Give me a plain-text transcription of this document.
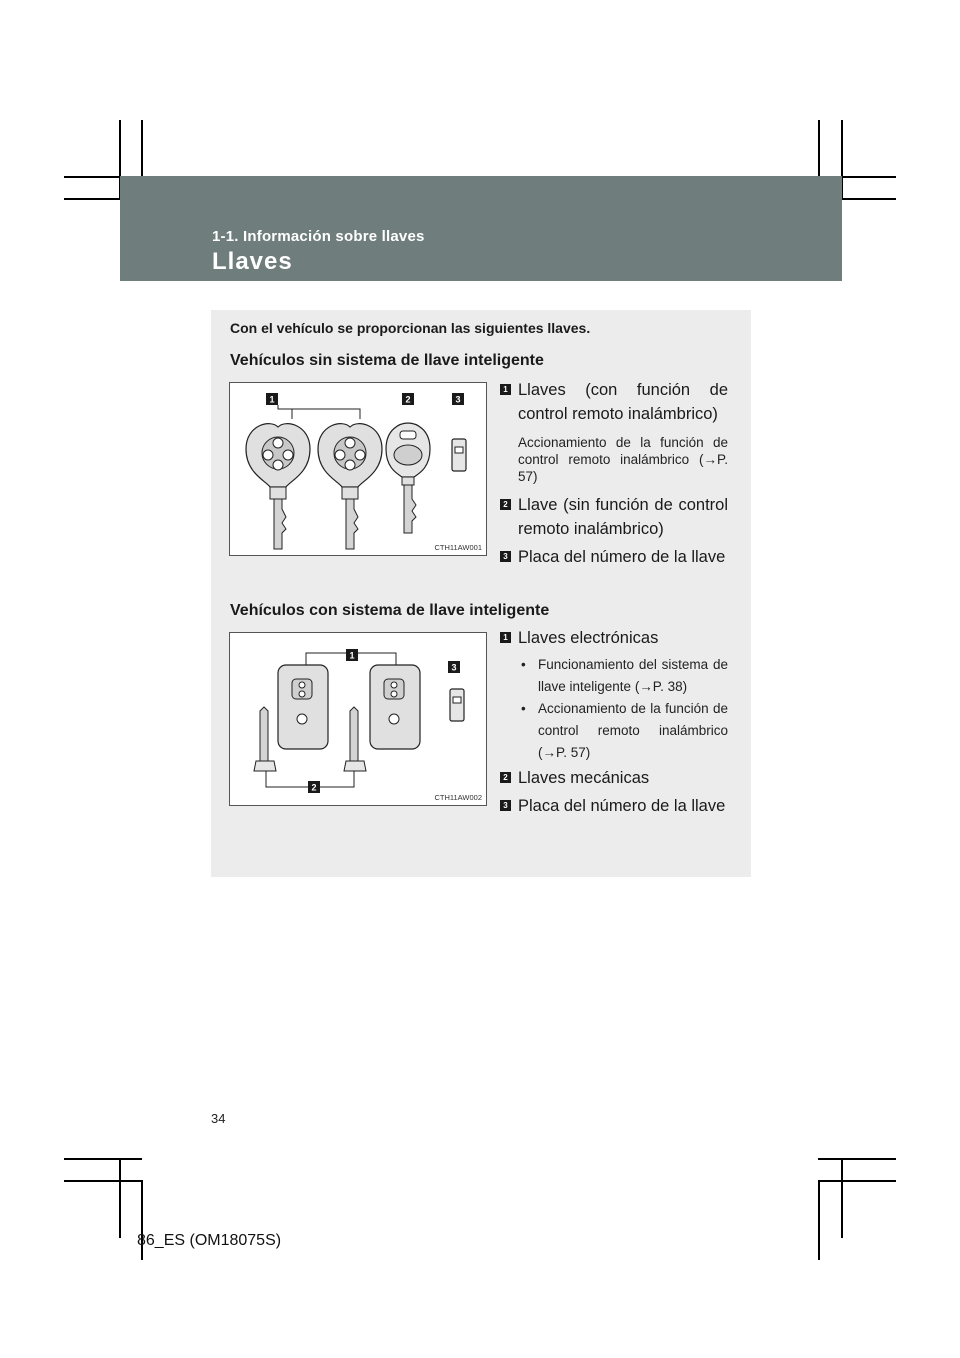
1-1. Información sobre llaves
Llaves
Con el vehículo se proporcionan las siguientes llaves.
Vehículos sin sistema de llave inteligente
1	2	3
CTH11AW001
1 Llaves (con función de control remoto inalámbrico)
Accionamiento de la función de control remoto inalámbrico (→P. 57)
2 Llave (sin función de control remoto inalámbrico)
3 Placa del número de la llave
Vehículos con sistema de llave inteligente
1
2
3
CTH11AW002
1 Llaves electrónicas
• Funcionamiento del sistema de llave inteligente (→P. 38)
• Accionamiento de la función de control remoto inalámbrico (→P. 57)
2 Llaves mecánicas
3 Placa del número de la llave
34
86_ES (OM18075S)
